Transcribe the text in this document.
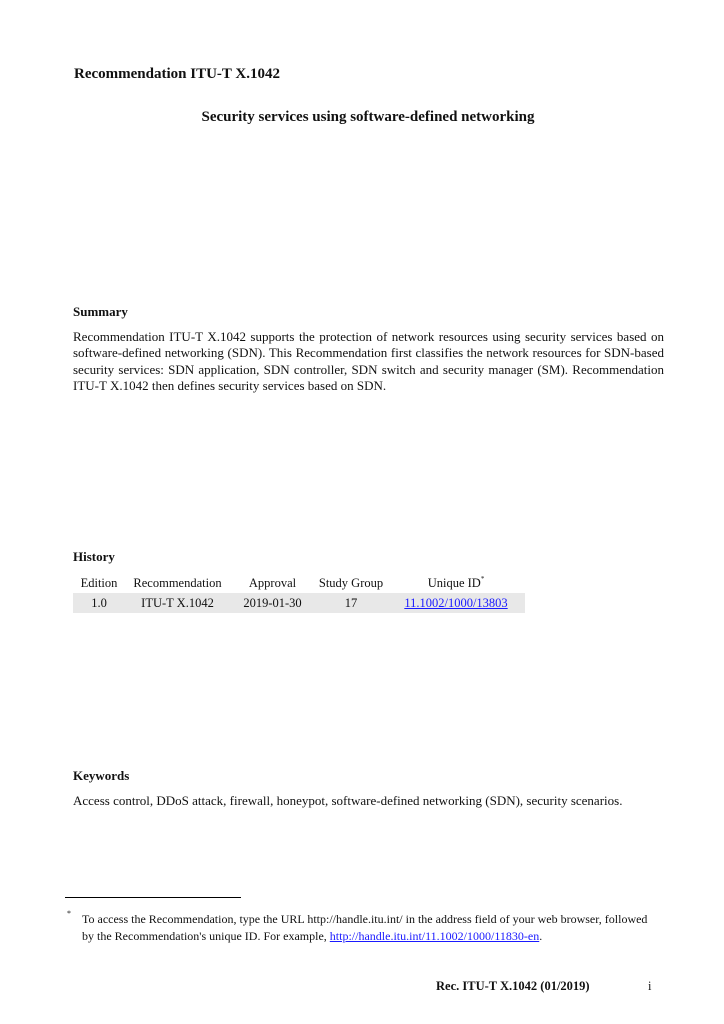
Recommendation ITU-T X.1042
Security services using software-defined networking
Summary
Recommendation ITU-T X.1042 supports the protection of network resources using security services based on software-defined networking (SDN). This Recommendation first classifies the network resources for SDN-based security services: SDN application, SDN controller, SDN switch and security manager (SM). Recommendation ITU-T X.1042 then defines security services based on SDN.
History
Edition	Recommendation	Approval	Study Group	Unique ID*
1.0	ITU-T X.1042	2019-01-30	17	11.1002/1000/13803
Keywords
Access control, DDoS attack, firewall, honeypot, software-defined networking (SDN), security scenarios.
* To access the Recommendation, type the URL http://handle.itu.int/ in the address field of your web browser, followed by the Recommendation's unique ID. For example, http://handle.itu.int/11.1002/1000/11830-en.
Rec. ITU-T X.1042 (01/2019)	i
